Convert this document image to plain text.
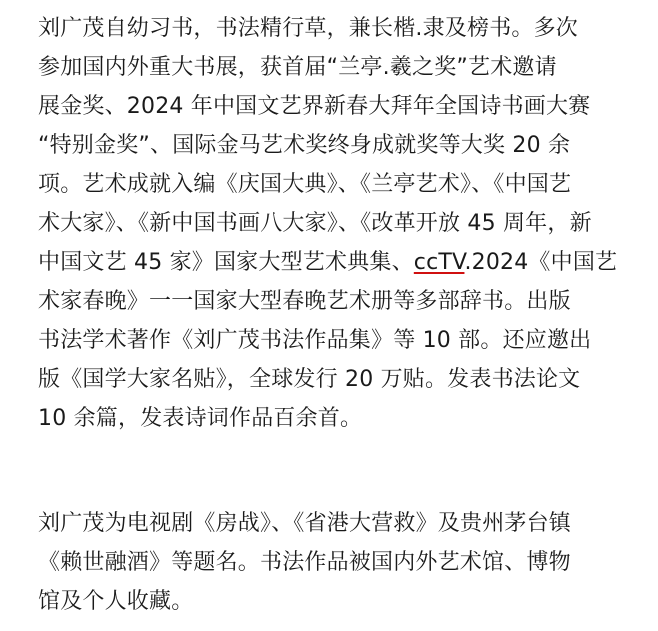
刘广茂自幼习书，书法精行草，兼长楷.隶及榜书。多次
参加国内外重大书展，获首届“兰亭.羲之奖”艺术邀请
展金奖、2024 年中国文艺界新春大拜年全国诗书画大赛
“特别金奖”、国际金马艺术奖终身成就奖等大奖 20 余
项。艺术成就入编《庆国大典》、《兰亭艺术》、《中国艺
术大家》、《新中国书画八大家》、《改革开放 45 周年，新
中国文艺 45 家》国家大型艺术典集、ccTV.2024《中国艺
术家春晚》一一国家大型春晚艺术册等多部辞书。出版
书法学术著作《刘广茂书法作品集》等 10 部。还应邀出
版《国学大家名贴》，全球发行 20 万贴。发表书法论文
10 余篇，发表诗词作品百余首。
刘广茂为电视剧《房战》、《省港大营救》及贵州茅台镇
《赖世融酒》等题名。书法作品被国内外艺术馆、博物
馆及个人收藏。
